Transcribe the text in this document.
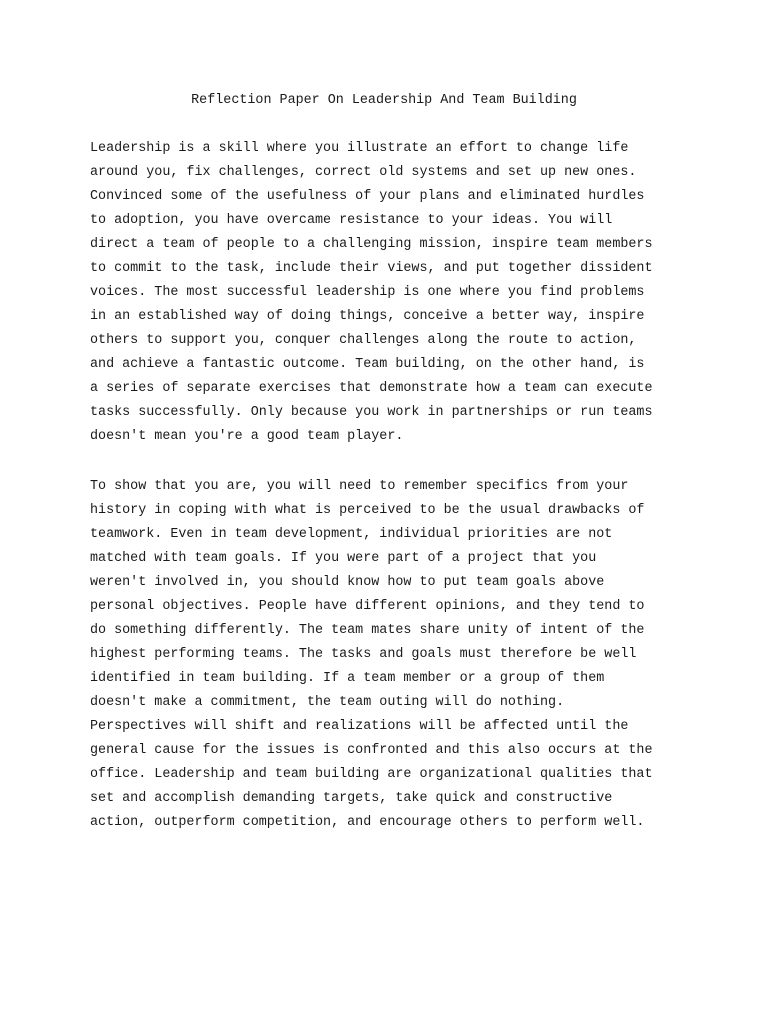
Reflection Paper On Leadership And Team Building
Leadership is a skill where you illustrate an effort to change life
around you, fix challenges, correct old systems and set up new ones.
Convinced some of the usefulness of your plans and eliminated hurdles
to adoption, you have overcame resistance to your ideas. You will
direct a team of people to a challenging mission, inspire team members
to commit to the task, include their views, and put together dissident
voices. The most successful leadership is one where you find problems
in an established way of doing things, conceive a better way, inspire
others to support you, conquer challenges along the route to action,
and achieve a fantastic outcome. Team building, on the other hand, is
a series of separate exercises that demonstrate how a team can execute
tasks successfully. Only because you work in partnerships or run teams
doesn't mean you're a good team player.
To show that you are, you will need to remember specifics from your
history in coping with what is perceived to be the usual drawbacks of
teamwork. Even in team development, individual priorities are not
matched with team goals. If you were part of a project that you
weren't involved in, you should know how to put team goals above
personal objectives. People have different opinions, and they tend to
do something differently. The team mates share unity of intent of the
highest performing teams. The tasks and goals must therefore be well
identified in team building. If a team member or a group of them
doesn't make a commitment, the team outing will do nothing.
Perspectives will shift and realizations will be affected until the
general cause for the issues is confronted and this also occurs at the
office. Leadership and team building are organizational qualities that
set and accomplish demanding targets, take quick and constructive
action, outperform competition, and encourage others to perform well.
